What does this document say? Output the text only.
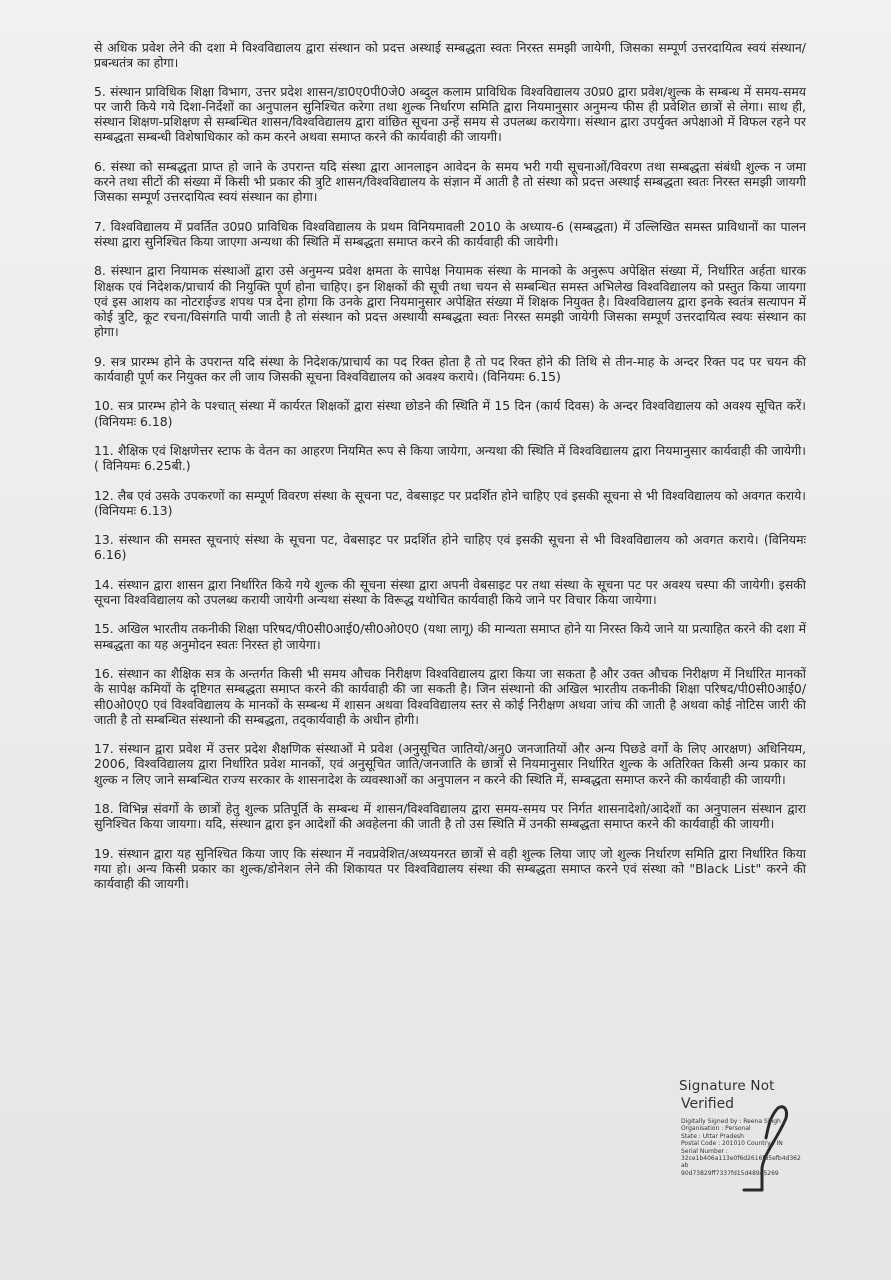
से अधिक प्रवेश लेने की दशा मे विश्वविद्यालय द्वारा संस्थान को प्रदत्त अस्थाई सम्बद्धता स्वतः निरस्त समझी जायेगी, जिसका सम्पूर्ण उत्तरदायित्व स्वयं संस्थान/प्रबन्धतंत्र का होगा।

5. संस्थान प्राविधिक शिक्षा विभाग, उत्तर प्रदेश शासन/डा0ए0पी0जे0 अब्दुल कलाम प्राविधिक विश्वविद्यालय उ0प्र0 द्वारा प्रवेश/शुल्क के सम्बन्ध में समय-समय पर जारी किये गये दिशा-निर्देशों का अनुपालन सुनिश्चित करेगा तथा शुल्क निर्धारण समिति द्वारा नियमानुसार अनुमन्य फीस ही प्रवेशित छात्रों से लेगा। साथ ही, संस्थान शिक्षण-प्रशिक्षण से सम्बन्धित शासन/विश्वविद्यालय द्वारा वांछित सूचना उन्हें समय से उपलब्ध करायेगा। संस्थान द्वारा उपर्युक्त अपेक्षाओ में विफल रहने पर सम्बद्धता सम्बन्धी विशेषाधिकार को कम करने अथवा समाप्त करने की कार्यवाही की जायगी।

6. संस्था को सम्बद्धता प्राप्त हो जाने के उपरान्त यदि संस्था द्वारा आनलाइन आवेदन के समय भरी गयी सूचनाओं/विवरण तथा सम्बद्धता संबंधी शुल्क न जमा करने तथा सीटों की संख्या में किसी भी प्रकार की त्रुटि शासन/विश्वविद्यालय के संज्ञान में आती है तो संस्था को प्रदत्त अस्थाई सम्बद्धता स्वतः निरस्त समझी जायगी जिसका सम्पूर्ण उत्तरदायित्व स्वयं संस्थान का होगा।

7. विश्वविद्यालय में प्रवर्तित उ0प्र0 प्राविधिक विश्वविद्यालय के प्रथम विनियमावली 2010 के अध्याय-6 (सम्बद्धता) में उल्लिखित समस्त प्राविधानों का पालन संस्था द्वारा सुनिश्चित किया जाएगा अन्यथा की स्थिति में सम्बद्धता समाप्त करने की कार्यवाही की जायेगी।

8. संस्थान द्वारा नियामक संस्थाओं द्वारा उसे अनुमन्य प्रवेश क्षमता के सापेक्ष नियामक संस्था के मानको के अनुरूप अपेक्षित संख्या में, निर्धारित अर्हता धारक शिक्षक एवं निदेशक/प्राचार्य की नियुक्ति पूर्ण होना चाहिए। इन शिक्षकों की सूची तथा चयन से सम्बन्धित समस्त अभिलेख विश्वविद्यालय को प्रस्तुत किया जायगा एवं इस आशय का नोटराईज्ड शपथ पत्र देना होगा कि उनके द्वारा नियमानुसार अपेक्षित संख्या में शिक्षक नियुक्त है। विश्वविद्यालय द्वारा इनके स्वतंत्र सत्यापन में कोई त्रुटि, कूट रचना/विसंगति पायी जाती है तो संस्थान को प्रदत्त अस्थायी सम्बद्धता स्वतः निरस्त समझी जायेगी जिसका सम्पूर्ण उत्तरदायित्व स्वयः संस्थान का होगा।

9. सत्र प्रारम्भ होने के उपरान्त यदि संस्था के निदेशक/प्राचार्य का पद रिक्त होता है तो पद रिक्त होने की तिथि से तीन-माह के अन्दर रिक्त पद पर चयन की कार्यवाही पूर्ण कर नियुक्त कर ली जाय जिसकी सूचना विश्वविद्यालय को अवश्य कराये। (विनियमः 6.15)

10. सत्र प्रारम्भ होने के पश्चात् संस्था में कार्यरत शिक्षकों द्वारा संस्था छोडने की स्थिति में 15 दिन (कार्य दिवस) के अन्दर विश्वविद्यालय को अवश्य सूचित करें। (विनियमः 6.18)

11. शैक्षिक एवं शिक्षणेत्तर स्टाफ के वेतन का आहरण नियमित रूप से किया जायेगा, अन्यथा की स्थिति में विश्वविद्यालय द्वारा नियमानुसार कार्यवाही की जायेगी। ( विनियमः 6.25बी.)

12. लैब एवं उसके उपकरणों का सम्पूर्ण विवरण संस्था के सूचना पट, वेबसाइट पर प्रदर्शित होने चाहिए एवं इसकी सूचना से भी विश्वविद्यालय को अवगत कराये। (विनियमः 6.13)

13. संस्थान की समस्त सूचनाएं संस्था के सूचना पट, वेबसाइट पर प्रदर्शित होने चाहिए एवं इसकी सूचना से भी विश्वविद्यालय को अवगत कराये। (विनियमः 6.16)

14. संस्थान द्वारा शासन द्वारा निर्धारित किये गये शुल्क की सूचना संस्था द्वारा अपनी वेबसाइट पर तथा संस्था के सूचना पट पर अवश्य चस्पा की जायेगी। इसकी सूचना विश्वविद्यालय को उपलब्ध करायी जायेगी अन्यथा संस्था के विरूद्ध यथोचित कार्यवाही किये जाने पर विचार किया जायेगा।

15. अखिल भारतीय तकनीकी शिक्षा परिषद/पी0सी0आई0/सी0ओ0ए0 (यथा लागू) की मान्यता समाप्त होने या निरस्त किये जाने या प्रत्याहित करने की दशा में सम्बद्धता का यह अनुमोदन स्वतः निरस्त हो जायेगा।

16. संस्थान का शैक्षिक सत्र के अन्तर्गत किसी भी समय औचक निरीक्षण विश्वविद्यालय द्वारा किया जा सकता है और उक्त औचक निरीक्षण में निर्धारित मानकों के सापेक्ष कमियों के दृष्टिगत सम्बद्धता समाप्त करने की कार्यवाही की जा सकती है। जिन संस्थानो की अखिल भारतीय तकनीकी शिक्षा परिषद/पी0सी0आई0/सी0ओ0ए0 एवं विश्वविद्यालय के मानकों के सम्बन्ध में शासन अथवा विश्वविद्यालय स्तर से कोई निरीक्षण अथवा जांच की जाती है अथवा कोई नोटिस जारी की जाती है तो सम्बन्धित संस्थानो की सम्बद्धता, तद्कार्यवाही के अधीन होगी।

17. संस्थान द्वारा प्रवेश में उत्तर प्रदेश शैक्षणिक संस्थाओं मे प्रवेश (अनुसूचित जातियो/अनु0 जनजातियों और अन्य पिछडे वर्गो के लिए आरक्षण) अधिनियम, 2006, विश्वविद्यालय द्वारा निर्धारित प्रवेश मानकों, एवं अनुसूचित जाति/जनजाति के छात्रों से नियमानुसार निर्धारित शुल्क के अतिरिक्त किसी अन्य प्रकार का शुल्क न लिए जाने सम्बन्धित राज्य सरकार के शासनादेश के व्यवस्थाओं का अनुपालन न करने की स्थिति में, सम्बद्धता समाप्त करने की कार्यवाही की जायगी।

18. विभिन्न संवर्गो के छात्रों हेतु शुल्क प्रतिपूर्ति के सम्बन्ध में शासन/विश्वविद्यालय द्वारा समय-समय पर निर्गत शासनादेशो/आदेशों का अनुपालन संस्थान द्वारा सुनिश्चित किया जायगा। यदि, संस्थान द्वारा इन आदेशों की अवहेलना की जाती है तो उस स्थिति में उनकी सम्बद्धता समाप्त करने की कार्यवाही की जायगी।

19. संस्थान द्वारा यह सुनिश्चित किया जाए कि संस्थान में नवप्रवेशित/अध्ययनरत छात्रों से वही शुल्क लिया जाए जो शुल्क निर्धारण समिति द्वारा निर्धारित किया गया हो। अन्य किसी प्रकार का शुल्क/डोनेशन लेने की शिकायत पर विश्वविद्यालय संस्था की सम्बद्धता समाप्त करने एवं संस्था को "Black List" करने की कार्यवाही की जायगी।

Signature Not
Verified
Digitally Signed by : Reena Singh
Organisation : Personal
State : Uttar Pradesh
Postal Code : 201010 Country : IN
Serial Number :
32ce1b406a113e0f6d2616fb5efb4d362ab
90d73829ff7337fd15d489e5269
